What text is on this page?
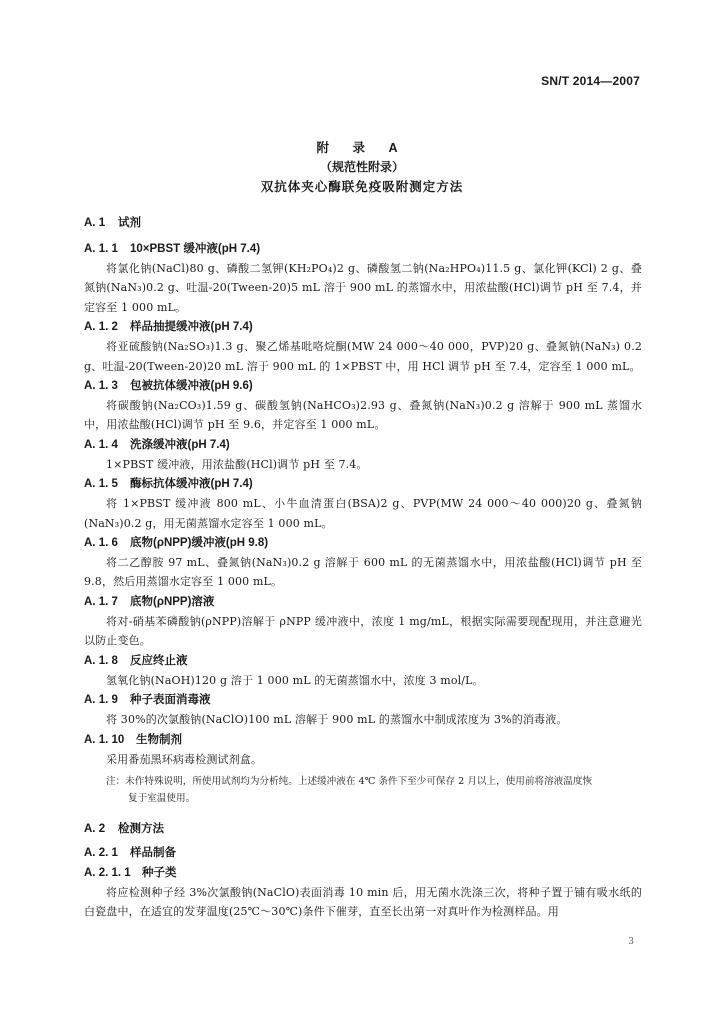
SN/T 2014—2007
附 录 A
（规范性附录）
双抗体夹心酶联免疫吸附测定方法
A. 1 试剂
A. 1. 1 10×PBST 缓冲液(pH 7.4)
将氯化钠(NaCl)80 g、磷酸二氢钾(KH₂PO₄)2 g、磷酸氢二钠(Na₂HPO₄)11.5 g、氯化钾(KCl) 2 g、叠氮钠(NaN₃)0.2 g、吐温-20(Tween-20)5 mL 溶于 900 mL 的蒸馏水中，用浓盐酸(HCl)调节 pH 至 7.4，并定容至 1 000 mL。
A. 1. 2 样品抽提缓冲液(pH 7.4)
将亚硫酸钠(Na₂SO₃)1.3 g、聚乙烯基吡咯烷酮(MW 24 000～40 000，PVP)20 g、叠氮钠(NaN₃) 0.2 g、吐温-20(Tween-20)20 mL 溶于 900 mL 的 1×PBST 中，用 HCl 调节 pH 至 7.4，定容至 1 000 mL。
A. 1. 3 包被抗体缓冲液(pH 9.6)
将碳酸钠(Na₂CO₃)1.59 g、碳酸氢钠(NaHCO₃)2.93 g、叠氮钠(NaN₃)0.2 g 溶解于 900 mL 蒸馏水中，用浓盐酸(HCl)调节 pH 至 9.6，并定容至 1 000 mL。
A. 1. 4 洗涤缓冲液(pH 7.4)
1×PBST 缓冲液，用浓盐酸(HCl)调节 pH 至 7.4。
A. 1. 5 酶标抗体缓冲液(pH 7.4)
将 1×PBST 缓冲液 800 mL、小牛血清蛋白(BSA)2 g、PVP(MW 24 000～40 000)20 g、叠氮钠(NaN₃)0.2 g，用无菌蒸馏水定容至 1 000 mL。
A. 1. 6 底物(ρNPP)缓冲液(pH 9.8)
将二乙醇胺 97 mL、叠氮钠(NaN₃)0.2 g 溶解于 600 mL 的无菌蒸馏水中，用浓盐酸(HCl)调节 pH 至 9.8，然后用蒸馏水定容至 1 000 mL。
A. 1. 7 底物(ρNPP)溶液
将对-硝基苯磷酸钠(ρNPP)溶解于 ρNPP 缓冲液中，浓度 1 mg/mL，根据实际需要现配现用，并注意避光以防止变色。
A. 1. 8 反应终止液
氢氧化钠(NaOH)120 g 溶于 1 000 mL 的无菌蒸馏水中，浓度 3 mol/L。
A. 1. 9 种子表面消毒液
将 30%的次氯酸钠(NaClO)100 mL 溶解于 900 mL 的蒸馏水中制成浓度为 3%的消毒液。
A. 1. 10 生物制剂
采用番茄黑环病毒检测试剂盒。
注：未作特殊说明，所使用试剂均为分析纯。上述缓冲液在 4℃ 条件下至少可保存 2 月以上，使用前将溶液温度恢
复于室温使用。
A. 2 检测方法
A. 2. 1 样品制备
A. 2. 1. 1 种子类
将应检测种子经 3%次氯酸钠(NaClO)表面消毒 10 min 后，用无菌水洗涤三次，将种子置于铺有吸水纸的白瓷盘中，在适宜的发芽温度(25℃～30℃)条件下催芽，直至长出第一对真叶作为检测样品。用
3
